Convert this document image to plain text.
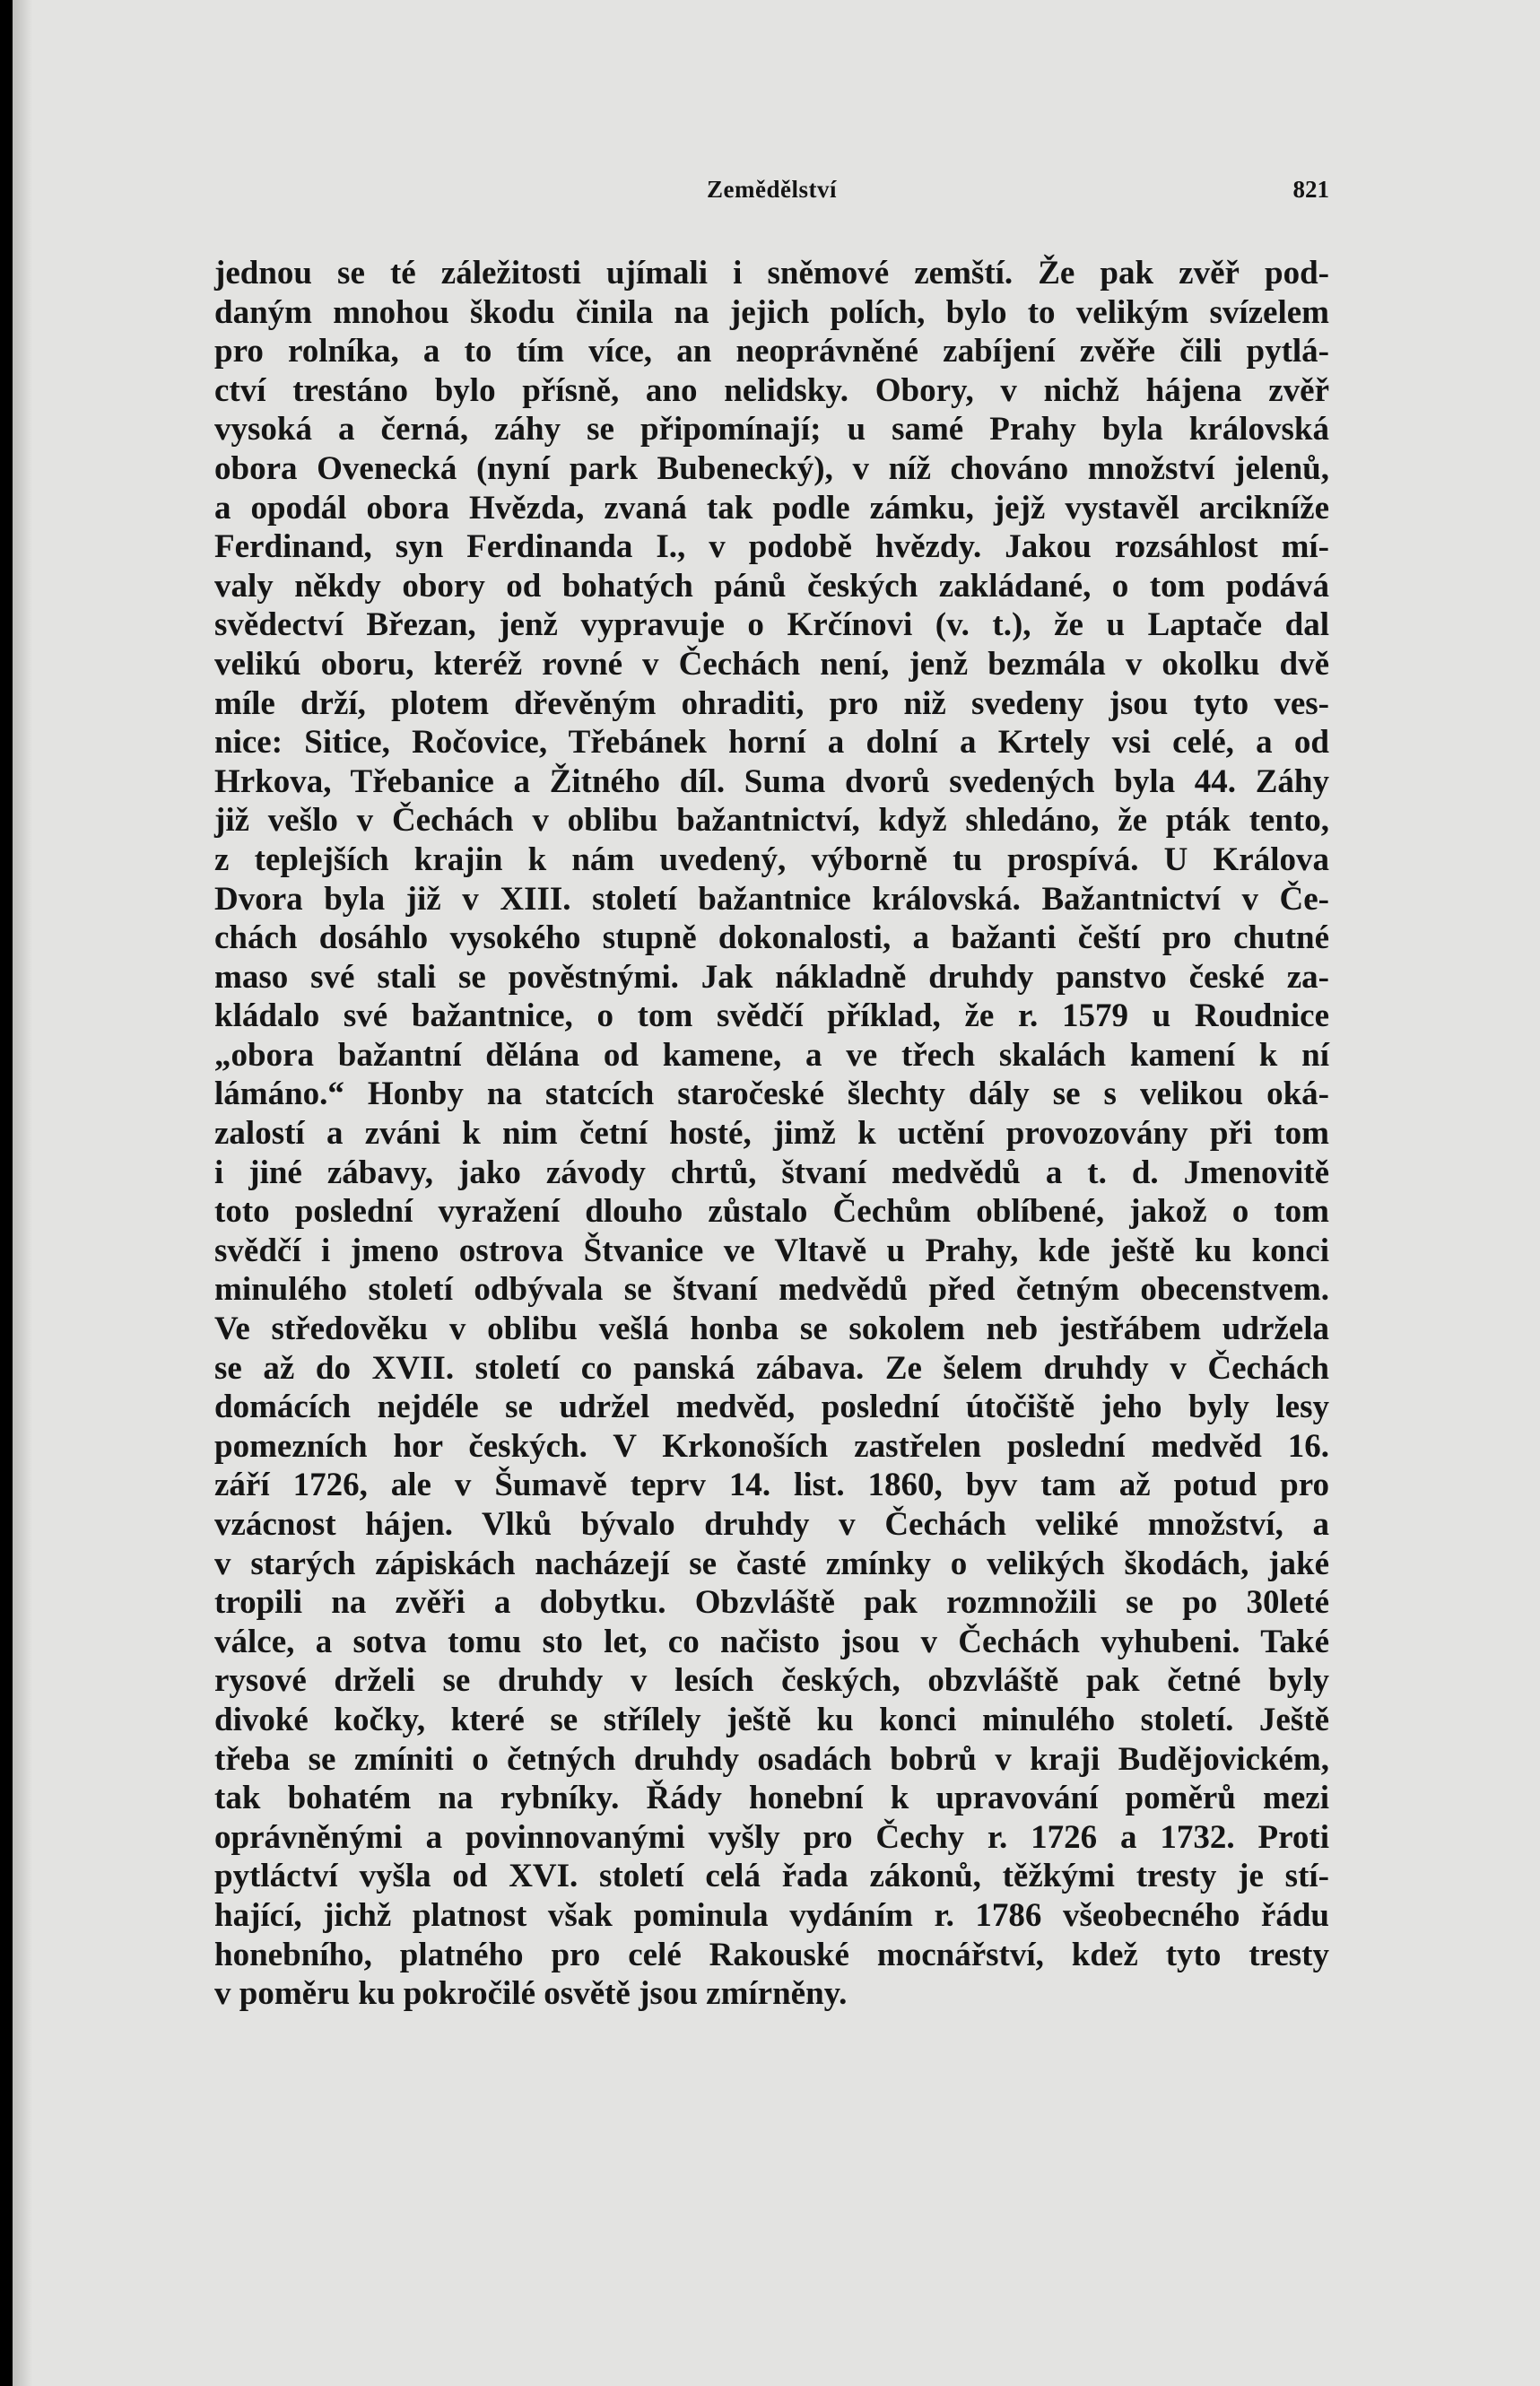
Zemědělství	821
jednou se té záležitosti ujímali i sněmové zemští. Že pak zvěř pod-
daným mnohou škodu činila na jejich polích, bylo to velikým svízelem
pro rolníka, a to tím více, an neoprávněné zabíjení zvěře čili pytlá-
ctví trestáno bylo přísně, ano nelidsky. Obory, v nichž hájena zvěř
vysoká a černá, záhy se připomínají; u samé Prahy byla královská
obora Ovenecká (nyní park Bubenecký), v níž chováno množství jelenů,
a opodál obora Hvězda, zvaná tak podle zámku, jejž vystavěl arcikníže
Ferdinand, syn Ferdinanda I., v podobě hvězdy. Jakou rozsáhlost mí-
valy někdy obory od bohatých pánů českých zakládané, o tom podává
svědectví Březan, jenž vypravuje o Krčínovi (v. t.), že u Laptače dal
velikú oboru, kteréž rovné v Čechách není, jenž bezmála v okolku dvě
míle drží, plotem dřevěným ohraditi, pro niž svedeny jsou tyto ves-
nice: Sitice, Ročovice, Třebánek horní a dolní a Krtely vsi celé, a od
Hrkova, Třebanice a Žitného díl. Suma dvorů svedených byla 44. Záhy
již vešlo v Čechách v oblibu bažantnictví, když shledáno, že pták tento,
z teplejších krajin k nám uvedený, výborně tu prospívá. U Králova
Dvora byla již v XIII. století bažantnice královská. Bažantnictví v Če-
chách dosáhlo vysokého stupně dokonalosti, a bažanti čeští pro chutné
maso své stali se pověstnými. Jak nákladně druhdy panstvo české za-
kládalo své bažantnice, o tom svědčí příklad, že r. 1579 u Roudnice
„obora bažantní dělána od kamene, a ve třech skalách kamení k ní
lámáno.“ Honby na statcích staročeské šlechty dály se s velikou oká-
zalostí a zváni k nim četní hosté, jimž k uctění provozovány při tom
i jiné zábavy, jako závody chrtů, štvaní medvědů a t. d. Jmenovitě
toto poslední vyražení dlouho zůstalo Čechům oblíbené, jakož o tom
svědčí i jmeno ostrova Štvanice ve Vltavě u Prahy, kde ještě ku konci
minulého století odbývala se štvaní medvědů před četným obecenstvem.
Ve středověku v oblibu vešlá honba se sokolem neb jestřábem udržela
se až do XVII. století co panská zábava. Ze šelem druhdy v Čechách
domácích nejdéle se udržel medvěd, poslední útočiště jeho byly lesy
pomezních hor českých. V Krkonoších zastřelen poslední medvěd 16.
září 1726, ale v Šumavě teprv 14. list. 1860, byv tam až potud pro
vzácnost hájen. Vlků bývalo druhdy v Čechách veliké množství, a
v starých zápiskách nacházejí se časté zmínky o velikých škodách, jaké
tropili na zvěři a dobytku. Obzvláště pak rozmnožili se po 30leté
válce, a sotva tomu sto let, co načisto jsou v Čechách vyhubeni. Také
rysové drželi se druhdy v lesích českých, obzvláště pak četné byly
divoké kočky, které se střílely ještě ku konci minulého století. Ještě
třeba se zmíniti o četných druhdy osadách bobrů v kraji Budějovickém,
tak bohatém na rybníky. Řády honební k upravování poměrů mezi
oprávněnými a povinnovanými vyšly pro Čechy r. 1726 a 1732. Proti
pytláctví vyšla od XVI. století celá řada zákonů, těžkými tresty je stí-
hající, jichž platnost však pominula vydáním r. 1786 všeobecného řádu
honebního, platného pro celé Rakouské mocnářství, kdež tyto tresty
v poměru ku pokročilé osvětě jsou zmírněny.
